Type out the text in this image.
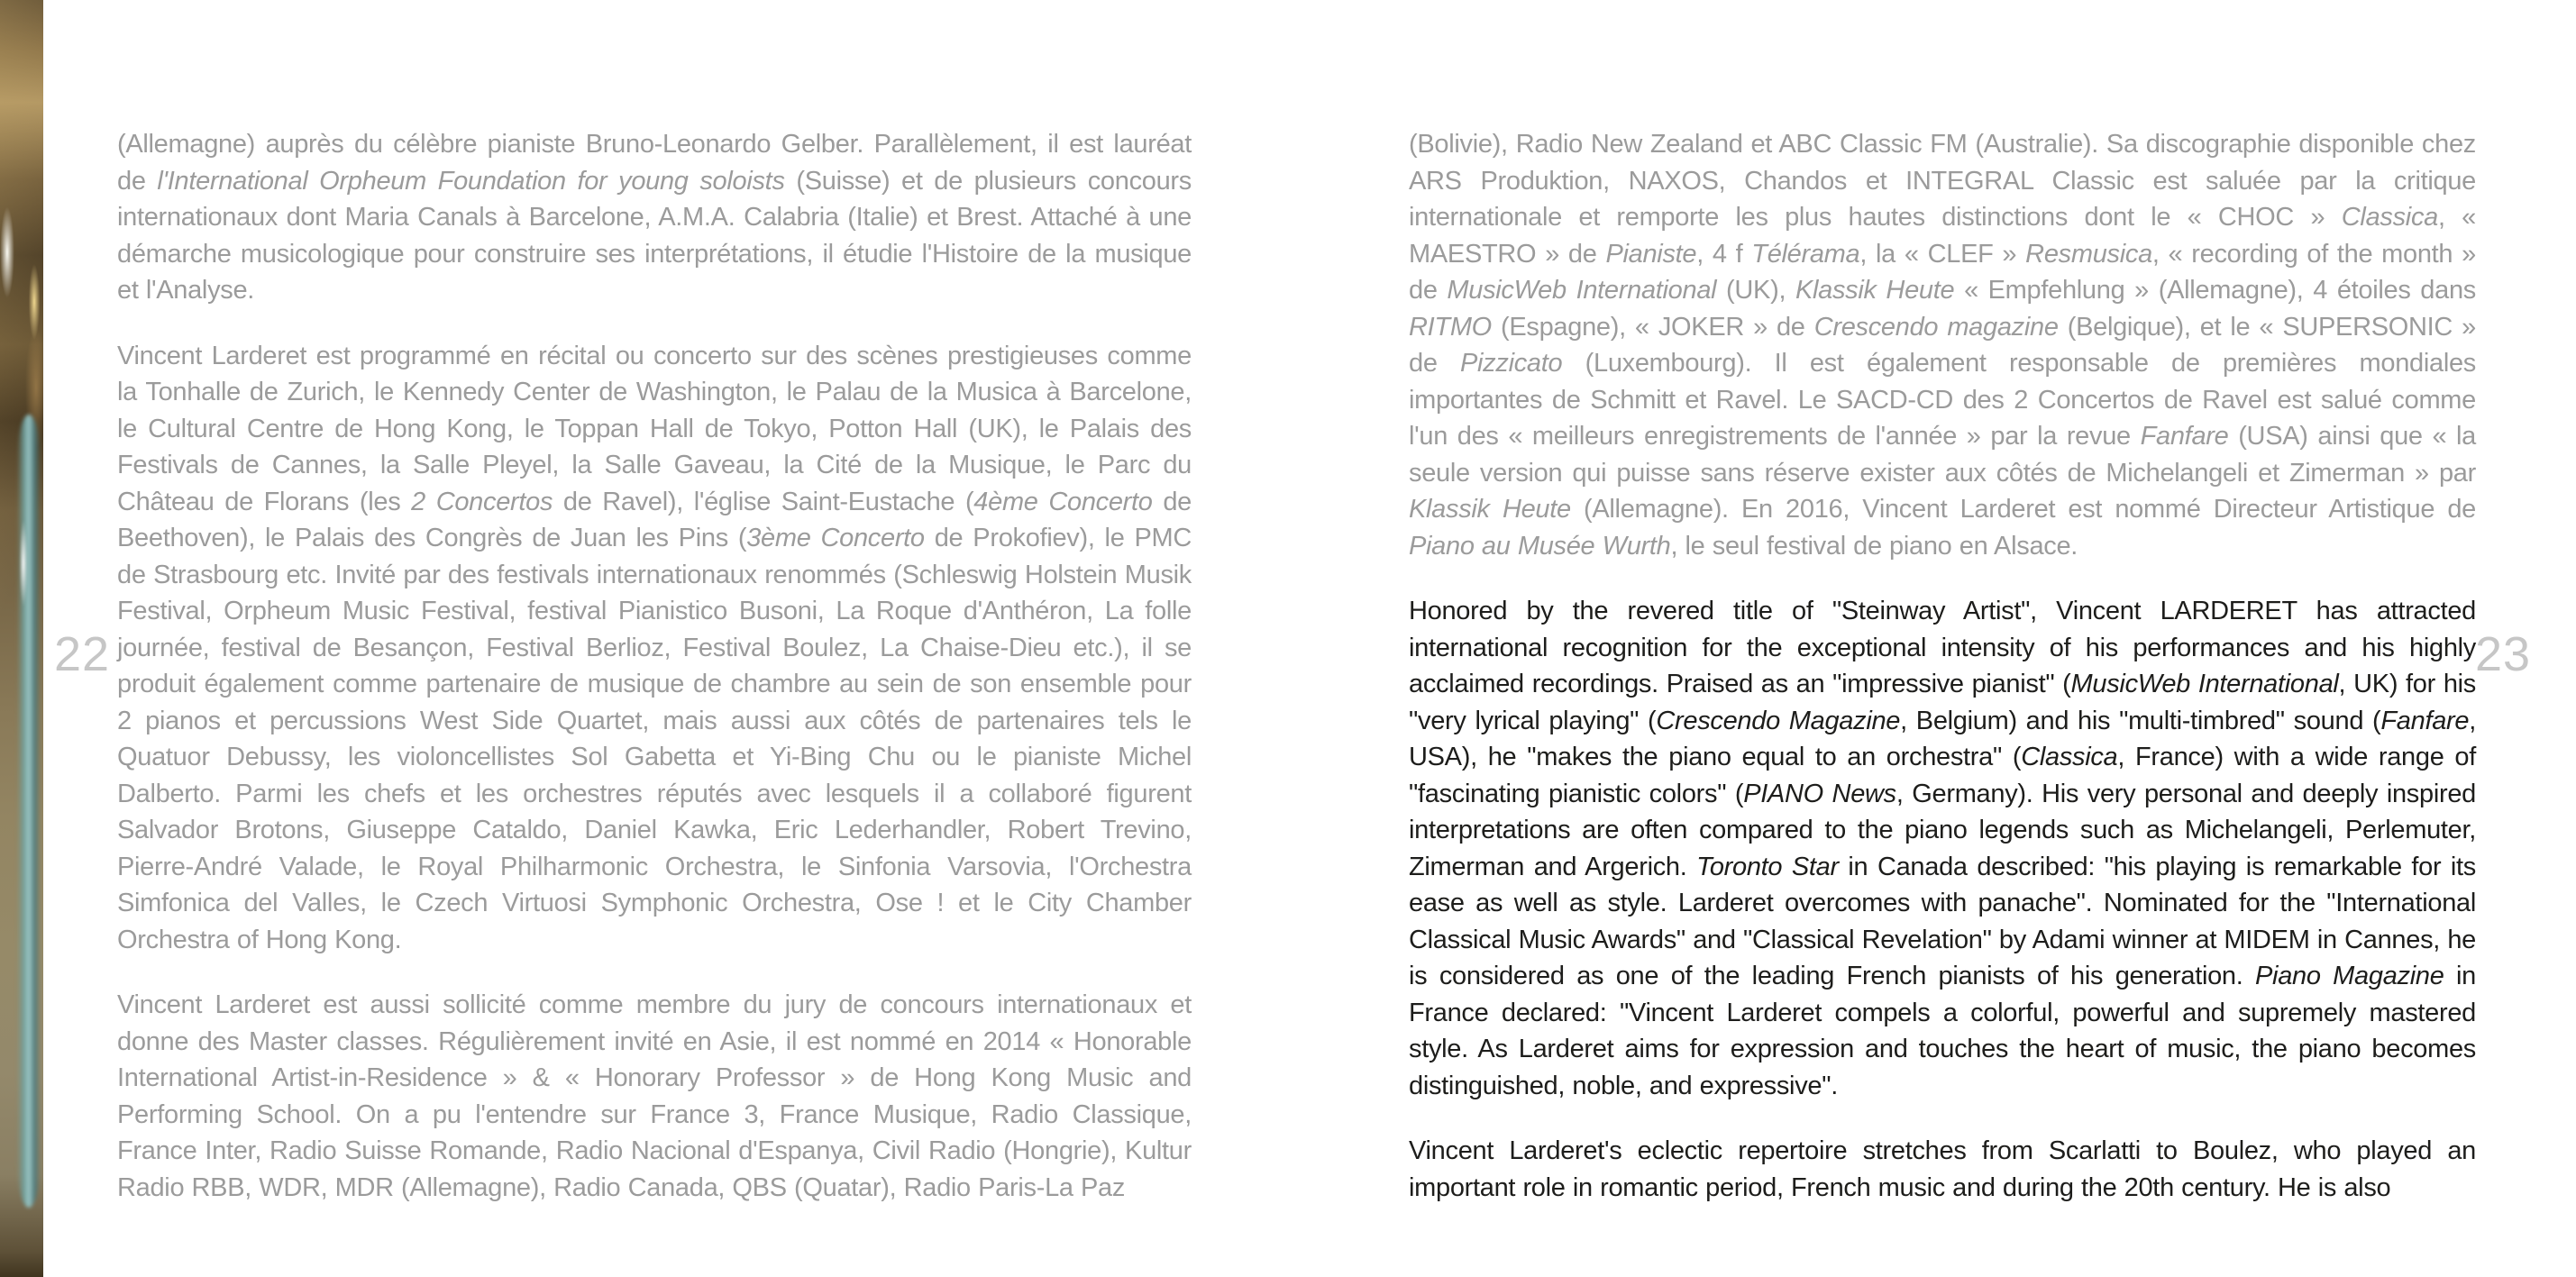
22

(Allemagne) auprès du célèbre pianiste Bruno-Leonardo Gelber. Parallèlement, il est lauréat de l'International Orpheum Foundation for young soloists (Suisse) et de plusieurs concours internationaux dont Maria Canals à Barcelone, A.M.A. Calabria (Italie) et Brest. Attaché à une démarche musicologique pour construire ses interprétations, il étudie l'Histoire de la musique et l'Analyse.

Vincent Larderet est programmé en récital ou concerto sur des scènes prestigieuses comme la Tonhalle de Zurich, le Kennedy Center de Washington, le Palau de la Musica à Barcelone, le Cultural Centre de Hong Kong, le Toppan Hall de Tokyo, Potton Hall (UK), le Palais des Festivals de Cannes, la Salle Pleyel, la Salle Gaveau, la Cité de la Musique, le Parc du Château de Florans (les 2 Concertos de Ravel), l'église Saint-Eustache (4ème Concerto de Beethoven), le Palais des Congrès de Juan les Pins (3ème Concerto de Prokofiev), le PMC de Strasbourg etc. Invité par des festivals internationaux renommés (Schleswig Holstein Musik Festival, Orpheum Music Festival, festival Pianistico Busoni, La Roque d'Anthéron, La folle journée, festival de Besançon, Festival Berlioz, Festival Boulez, La Chaise-Dieu etc.), il se produit également comme partenaire de musique de chambre au sein de son ensemble pour 2 pianos et percussions West Side Quartet, mais aussi aux côtés de partenaires tels le Quatuor Debussy, les violoncellistes Sol Gabetta et Yi-Bing Chu ou le pianiste Michel Dalberto. Parmi les chefs et les orchestres réputés avec lesquels il a collaboré figurent Salvador Brotons, Giuseppe Cataldo, Daniel Kawka, Eric Lederhandler, Robert Trevino, Pierre-André Valade, le Royal Philharmonic Orchestra, le Sinfonia Varsovia, l'Orchestra Simfonica del Valles, le Czech Virtuosi Symphonic Orchestra, Ose ! et le City Chamber Orchestra of Hong Kong.

Vincent Larderet est aussi sollicité comme membre du jury de concours internationaux et donne des Master classes. Régulièrement invité en Asie, il est nommé en 2014 « Honorable International Artist-in-Residence » & « Honorary Professor » de Hong Kong Music and Performing School. On a pu l'entendre sur France 3, France Musique, Radio Classique, France Inter, Radio Suisse Romande, Radio Nacional d'Espanya, Civil Radio (Hongrie), Kultur Radio RBB, WDR, MDR (Allemagne), Radio Canada, QBS (Quatar), Radio Paris-La Paz

(Bolivie), Radio New Zealand et ABC Classic FM (Australie). Sa discographie disponible chez ARS Produktion, NAXOS, Chandos et INTEGRAL Classic est saluée par la critique internationale et remporte les plus hautes distinctions dont le « CHOC » Classica, « MAESTRO » de Pianiste, 4 f Télérama, la « CLEF » Resmusica, « recording of the month » de MusicWeb International (UK), Klassik Heute « Empfehlung » (Allemagne), 4 étoiles dans RITMO (Espagne), « JOKER » de Crescendo magazine (Belgique), et le « SUPERSONIC » de Pizzicato (Luxembourg). Il est également responsable de premières mondiales importantes de Schmitt et Ravel. Le SACD-CD des 2 Concertos de Ravel est salué comme l'un des « meilleurs enregistrements de l'année » par la revue Fanfare (USA) ainsi que « la seule version qui puisse sans réserve exister aux côtés de Michelangeli et Zimerman » par Klassik Heute (Allemagne). En 2016, Vincent Larderet est nommé Directeur Artistique de Piano au Musée Wurth, le seul festival de piano en Alsace.

Honored by the revered title of "Steinway Artist", Vincent LARDERET has attracted international recognition for the exceptional intensity of his performances and his highly acclaimed recordings. Praised as an "impressive pianist" (MusicWeb International, UK) for his "very lyrical playing" (Crescendo Magazine, Belgium) and his "multi-timbred" sound (Fanfare, USA), he "makes the piano equal to an orchestra" (Classica, France) with a wide range of "fascinating pianistic colors" (PIANO News, Germany). His very personal and deeply inspired interpretations are often compared to the piano legends such as Michelangeli, Perlemuter, Zimerman and Argerich. Toronto Star in Canada described: "his playing is remarkable for its ease as well as style. Larderet overcomes with panache". Nominated for the "International Classical Music Awards" and "Classical Revelation" by Adami winner at MIDEM in Cannes, he is considered as one of the leading French pianists of his generation. Piano Magazine in France declared: "Vincent Larderet compels a colorful, powerful and supremely mastered style. As Larderet aims for expression and touches the heart of music, the piano becomes distinguished, noble, and expressive".

Vincent Larderet's eclectic repertoire stretches from Scarlatti to Boulez, who played an important role in romantic period, French music and during the 20th century. He is also

23
